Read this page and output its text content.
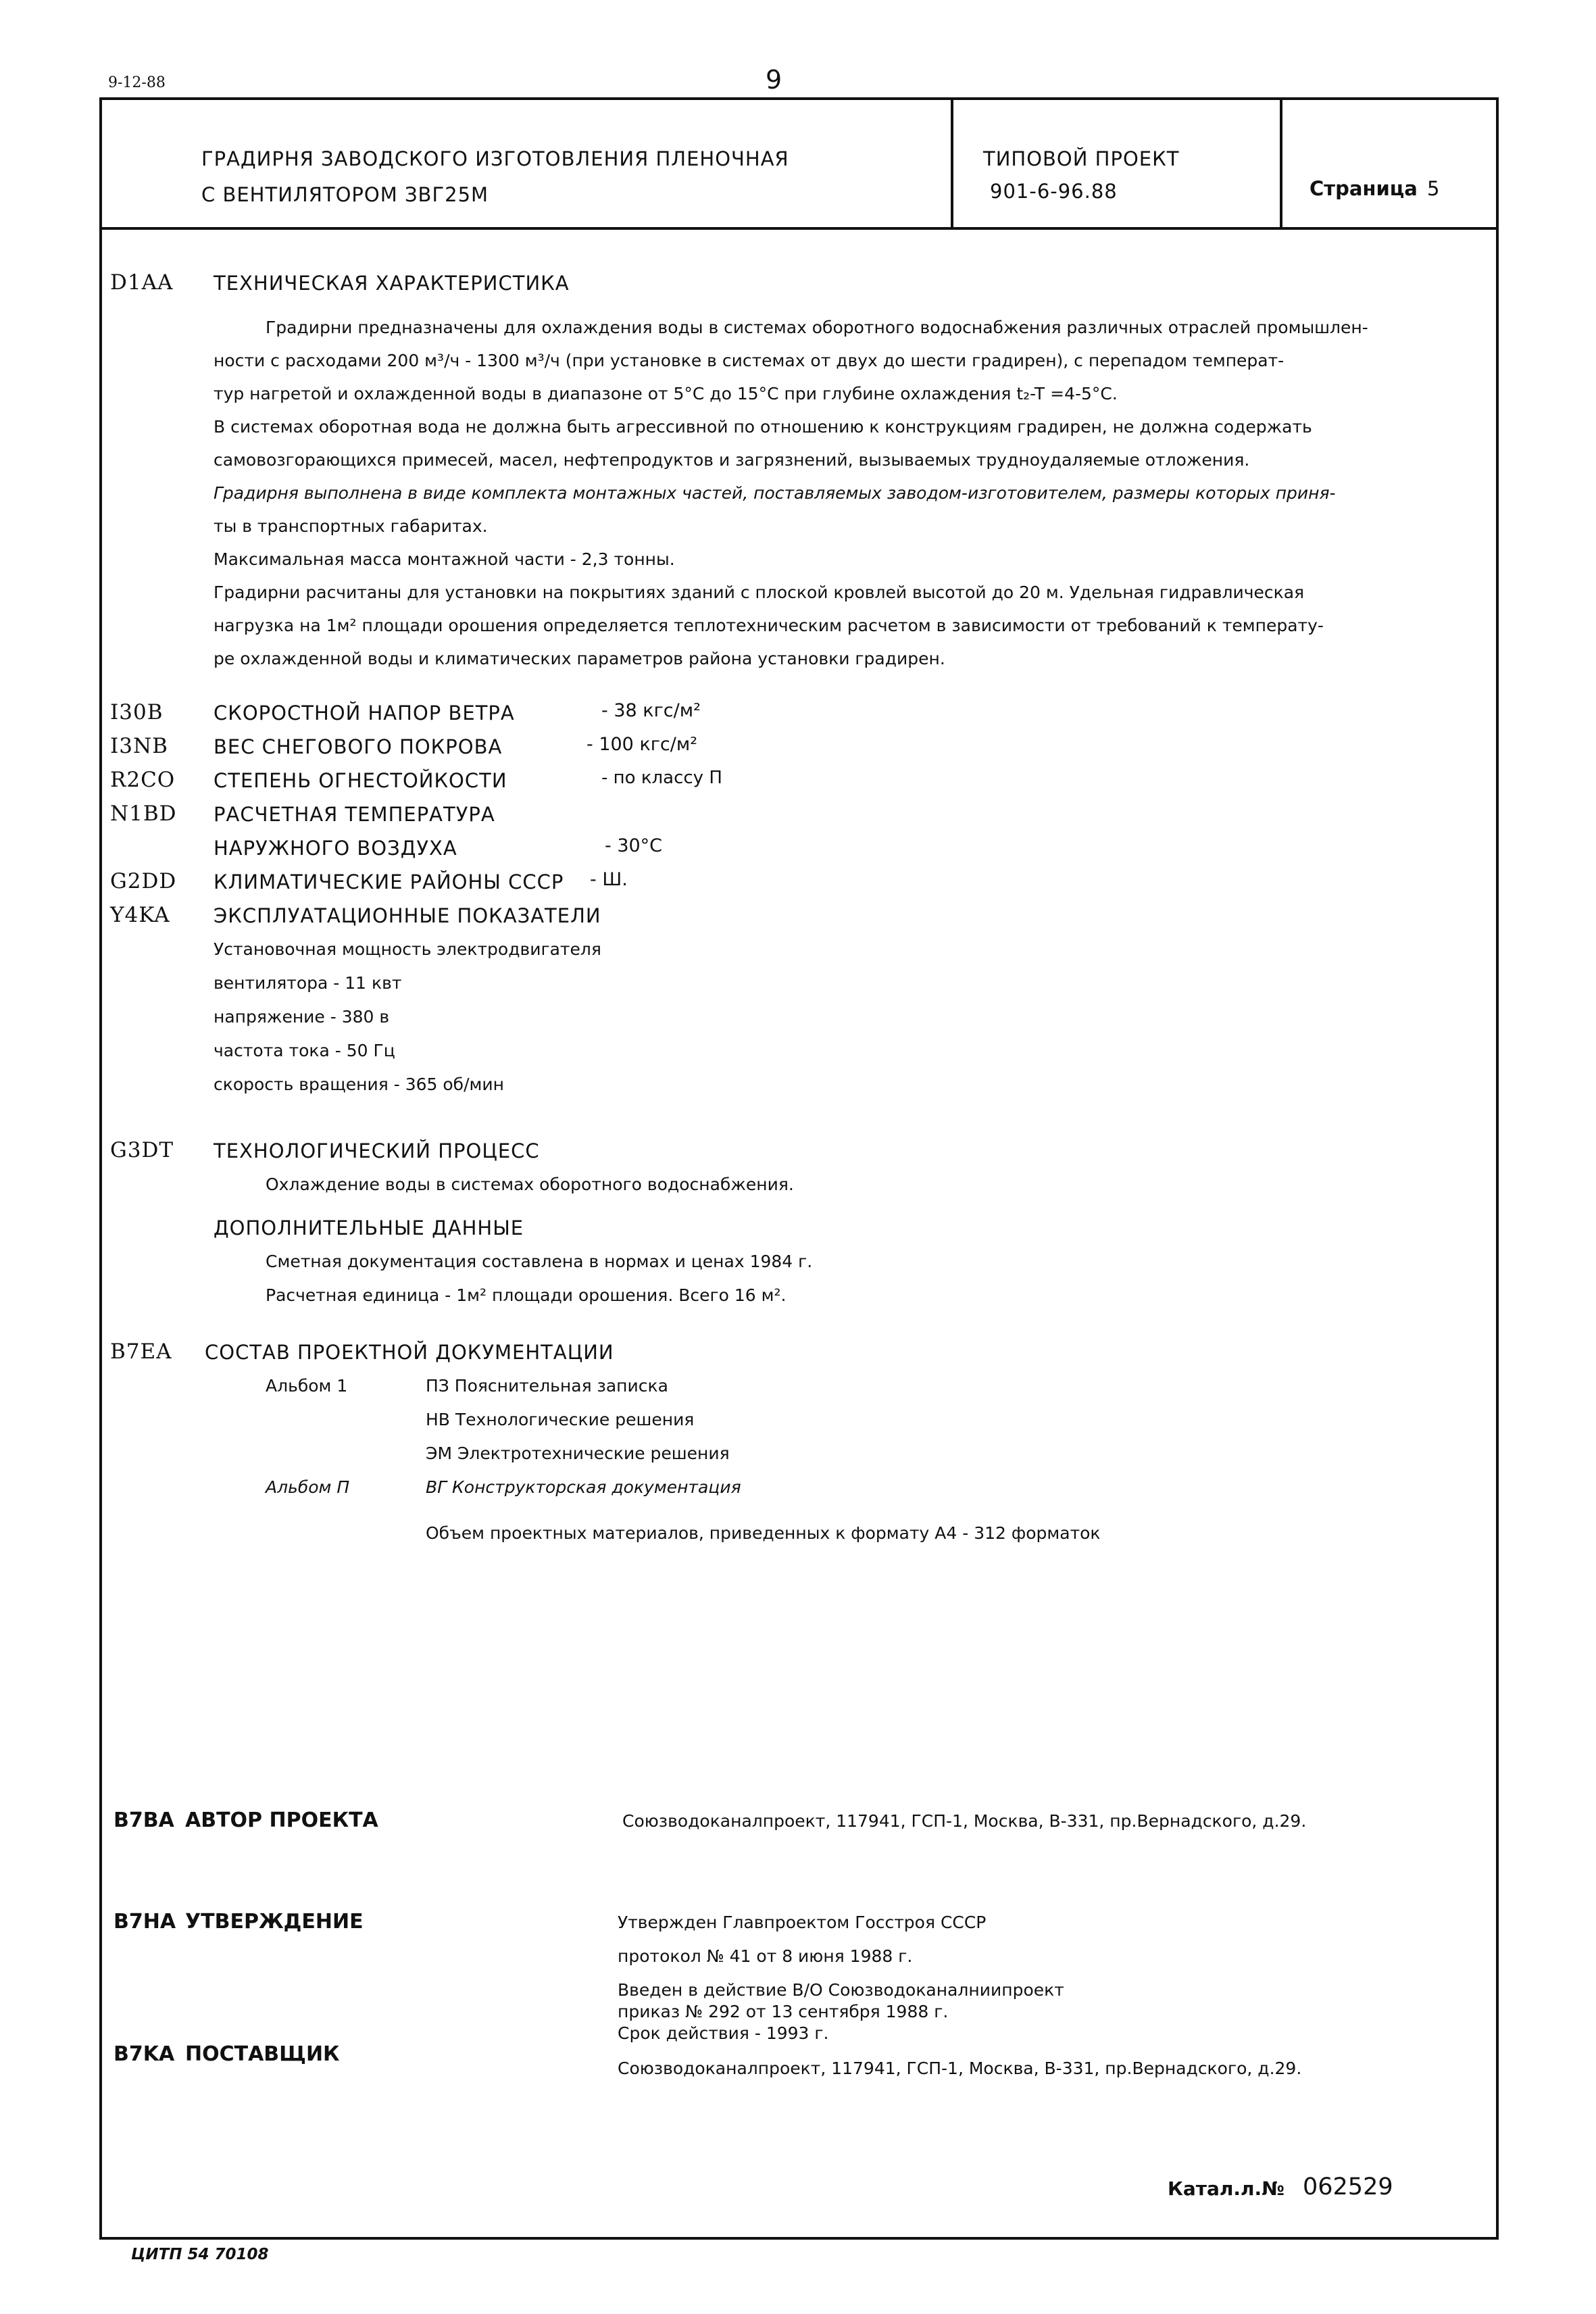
9-12-88	9
ГРАДИРНЯ ЗАВОДСКОГО ИЗГОТОВЛЕНИЯ ПЛЕНОЧНАЯ
С ВЕНТИЛЯТОРОМ ЗВГ25М
ТИПОВОЙ ПРОЕКТ
901-6-96.88	Страница 5
D1AA ТЕХНИЧЕСКАЯ ХАРАКТЕРИСТИКА
Градирни предназначены для охлаждения воды в системах оборотного водоснабжения различных отраслей промышлен-
ности с расходами 200 м³/ч - 1300 м³/ч (при установке в системах от двух до шести градирен), с перепадом температ-
тур нагретой и охлажденной воды в диапазоне от 5°С до 15°С при глубине охлаждения t₂-T =4-5°С.
В системах оборотная вода не должна быть агрессивной по отношению к конструкциям градирен, не должна содержать
самовозгорающихся примесей, масел, нефтепродуктов и загрязнений, вызываемых трудноудаляемые отложения.
Градирня выполнена в виде комплекта монтажных частей, поставляемых заводом-изготовителем, размеры которых приня-
ты в транспортных габаритах.
Максимальная масса монтажной части - 2,3 тонны.
Градирни расчитаны для установки на покрытиях зданий с плоской кровлей высотой до 20 м. Удельная гидравлическая
нагрузка на 1м² площади орошения определяется теплотехническим расчетом в зависимости от требований к температу-
ре охлажденной воды и климатических параметров района установки градирен.
I30B	СКОРОСТНОЙ НАПОР ВЕТРА	- 38 кгс/м²
I3NB ВЕС СНЕГОВОГО ПОКРОВА	- 100 кгс/м²
R2CO СТЕПЕНЬ ОГНЕСТОЙКОСТИ	- по классу П
N1BD РАСЧЕТНАЯ ТЕМПЕРАТУРА
НАРУЖНОГО ВОЗДУХА	- 30°С
G2DD КЛИМАТИЧЕСКИЕ РАЙОНЫ СССР - Ш.
Y4KA ЭКСПЛУАТАЦИОННЫЕ ПОКАЗАТЕЛИ
Установочная мощность электродвигателя
вентилятора - 11 квт
напряжение - 380 в
частота тока - 50 Гц
скорость вращения - 365 об/мин
G3DT ТЕХНОЛОГИЧЕСКИЙ ПРОЦЕСС
Охлаждение воды в системах оборотного водоснабжения.
ДОПОЛНИТЕЛЬНЫЕ ДАННЫЕ
Сметная документация составлена в нормах и ценах 1984 г.
Расчетная единица - 1м² площади орошения. Всего 16 м².
B7EA СОСТАВ ПРОЕКТНОЙ ДОКУМЕНТАЦИИ
Альбом 1	ПЗ Пояснительная записка
НВ Технологические решения
ЭМ Электротехнические решения
Альбом П	ВГ Конструкторская документация
Объем проектных материалов, приведенных к формату А4 - 312 форматок
B7BA АВТОР ПРОЕКТА	Союзводоканалпроект, 117941, ГСП-1, Москва, В-331, пр.Вернадского, д.29.
B7HA УТВЕРЖДЕНИЕ	Утвержден Главпроектом Госстроя СССР
протокол № 41 от 8 июня 1988 г.
Введен в действие В/О Союзводоканалниипроект
приказ № 292 от 13 сентября 1988 г.
Срок действия - 1993 г.
B7KA ПОСТАВЩИК
Союзводоканалпроект, 117941, ГСП-1, Москва, В-331, пр.Вернадского, д.29.
Катал.л.№ 062529
ЦИТП 54 70108
